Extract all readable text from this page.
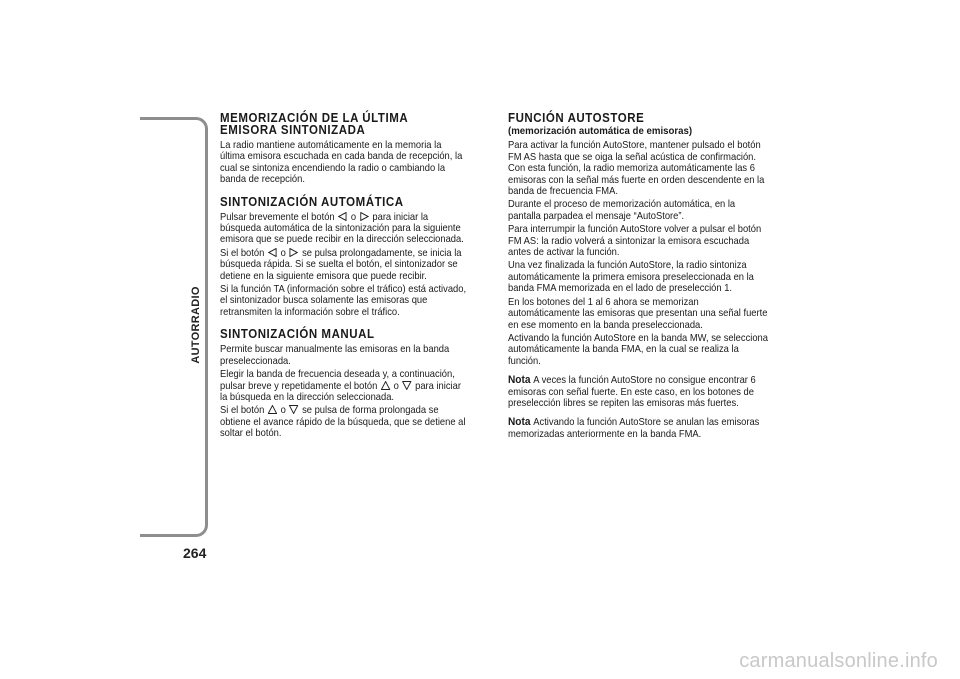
AUTORRADIO
264
MEMORIZACIÓN DE LA ÚLTIMA
EMISORA SINTONIZADA

La radio mantiene automáticamente en la memoria la última emisora escuchada en cada banda de recepción, la cual se sintoniza encendiendo la radio o cambiando la banda de recepción.

SINTONIZACIÓN AUTOMÁTICA

Pulsar brevemente el botón o para iniciar la búsqueda automática de la sintonización para la siguiente emisora que se puede recibir en la dirección seleccionada.

Si el botón o se pulsa prolongadamente, se inicia la búsqueda rápida. Si se suelta el botón, el sintonizador se detiene en la siguiente emisora que puede recibir.

Si la función TA (información sobre el tráfico) está activado, el sintonizador busca solamente las emisoras que retransmiten la información sobre el tráfico.

SINTONIZACIÓN MANUAL

Permite buscar manualmente las emisoras en la banda preseleccionada.

Elegir la banda de frecuencia deseada y, a continuación, pulsar breve y repetidamente el botón o para iniciar la búsqueda en la dirección seleccionada.

Si el botón o se pulsa de forma prolongada se obtiene el avance rápido de la búsqueda, que se detiene al soltar el botón.

FUNCIÓN AUTOSTORE
(memorización automática de emisoras)

Para activar la función AutoStore, mantener pulsado el botón FM AS hasta que se oiga la señal acústica de confirmación. Con esta función, la radio memoriza automáticamente las 6 emisoras con la señal más fuerte en orden descendente en la banda de frecuencia FMA.

Durante el proceso de memorización automática, en la pantalla parpadea el mensaje “AutoStore”.

Para interrumpir la función AutoStore volver a pulsar el botón FM AS: la radio volverá a sintonizar la emisora escuchada antes de activar la función.

Una vez finalizada la función AutoStore, la radio sintoniza automáticamente la primera emisora preseleccionada en la banda FMA memorizada en el lado de preselección 1.

En los botones del 1 al 6 ahora se memorizan automáticamente las emisoras que presentan una señal fuerte en ese momento en la banda preseleccionada.

Activando la función AutoStore en la banda MW, se selecciona automáticamente la banda FMA, en la cual se realiza la función.

Nota A veces la función AutoStore no consigue encontrar 6 emisoras con señal fuerte. En este caso, en los botones de preselección libres se repiten las emisoras más fuertes.

Nota Activando la función AutoStore se anulan las emisoras memorizadas anteriormente en la banda FMA.

carmanualsonline.info
